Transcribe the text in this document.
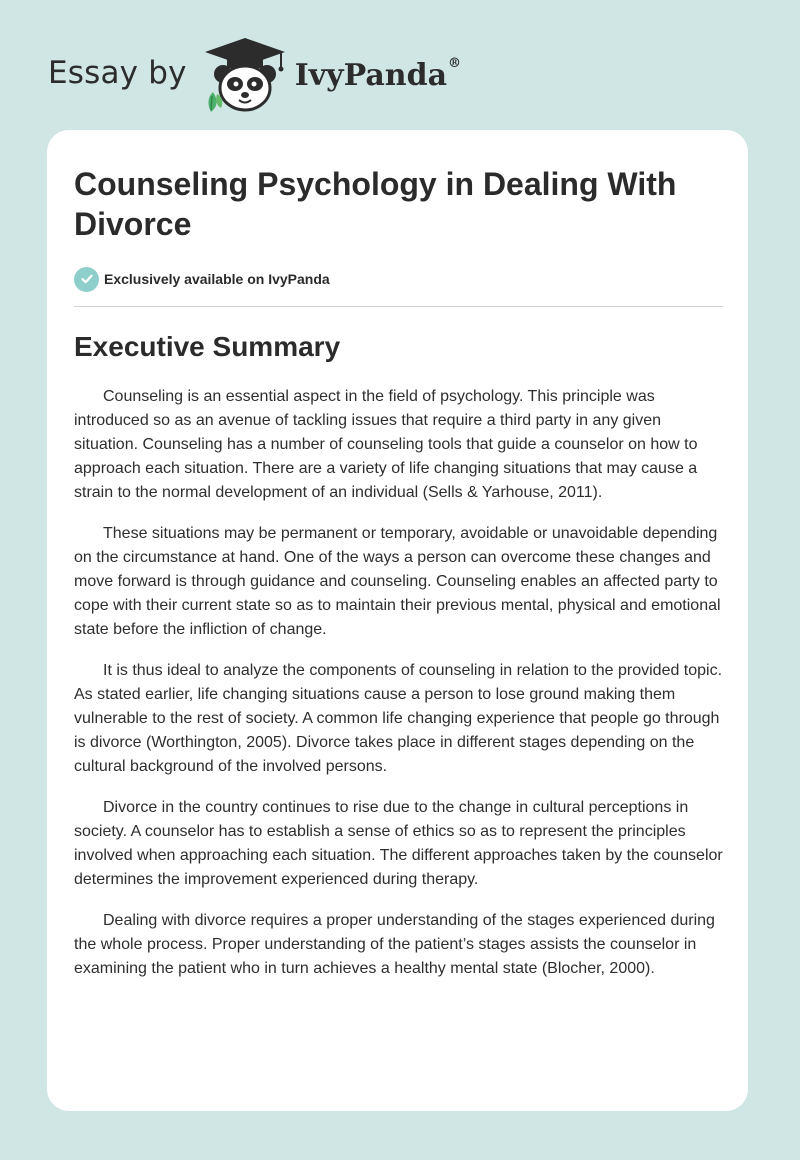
Essay by	IvyPanda®
Counseling Psychology in Dealing With Divorce
Exclusively available on IvyPanda
Executive Summary

Counseling is an essential aspect in the field of psychology. This principle was introduced so as an avenue of tackling issues that require a third party in any given situation. Counseling has a number of counseling tools that guide a counselor on how to approach each situation. There are a variety of life changing situations that may cause a strain to the normal development of an individual (Sells & Yarhouse, 2011).

These situations may be permanent or temporary, avoidable or unavoidable depending on the circumstance at hand. One of the ways a person can overcome these changes and move forward is through guidance and counseling. Counseling enables an affected party to cope with their current state so as to maintain their previous mental, physical and emotional state before the infliction of change.

It is thus ideal to analyze the components of counseling in relation to the provided topic. As stated earlier, life changing situations cause a person to lose ground making them vulnerable to the rest of society. A common life changing experience that people go through is divorce (Worthington, 2005). Divorce takes place in different stages depending on the cultural background of the involved persons.

Divorce in the country continues to rise due to the change in cultural perceptions in society. A counselor has to establish a sense of ethics so as to represent the principles involved when approaching each situation. The different approaches taken by the counselor determines the improvement experienced during therapy.

Dealing with divorce requires a proper understanding of the stages experienced during the whole process. Proper understanding of the patient’s stages assists the counselor in examining the patient who in turn achieves a healthy mental state (Blocher, 2000).
